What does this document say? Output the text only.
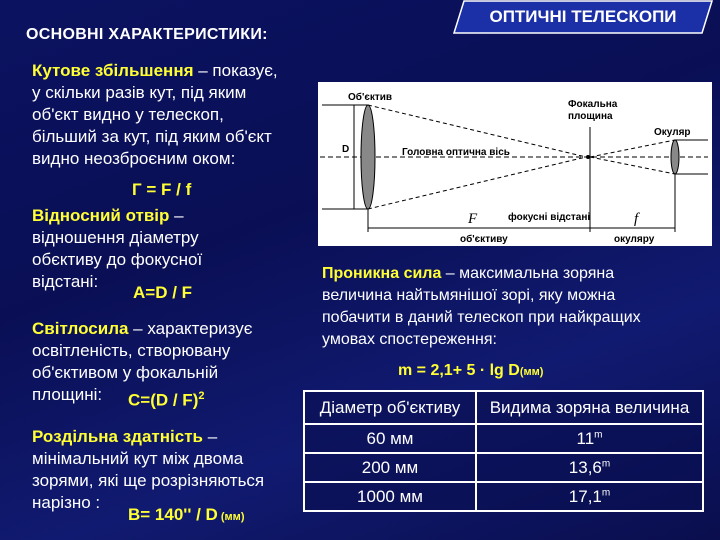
ОПТИЧНІ ТЕЛЕСКОПИ
ОСНОВНІ ХАРАКТЕРИСТИКИ:
Кутове збільшення – показує,
у скільки разів кут, під яким
об'єкт видно у телескоп,
більший за кут, під яким об'єкт
видно неозброєним оком:
Г = F / f
Відносний отвір –
відношення діаметру
обєктиву до фокусної
відстані:
A=D / F
Світлосила – характеризує
освітленість, створювану
об'єктивом у фокальній
площині:	C=(D / F)$^2$
Роздільна здатність –
мінімальний кут між двома
зорями, які ще розрізняються
нарізно :
B= 140'' / D (мм)
Об'єктив
Фокальна
площина
Окуляр
D	Головна оптична вісь
F	фокусні відстані	f
об'єктиву	окуляру
Проникна сила – максимальна зоряна
величина найтьмянішої зорі, яку можна
побачити в даний телескоп при найкращих
умовах спостереження:
m = 2,1+ 5 · lg D(мм)
Діаметр об'єктиву	Видима зоряна величина
60 мм	11$^m$
200 мм	13,6$^m$
1000 мм	17,1$^m$
